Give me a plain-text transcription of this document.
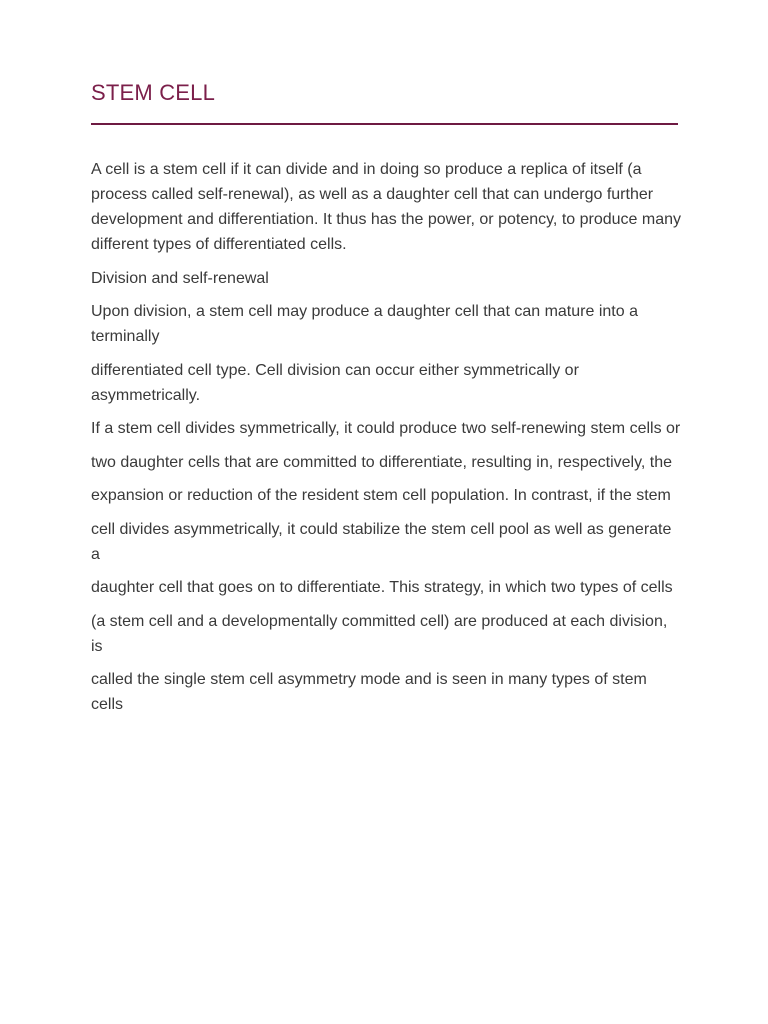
STEM CELL

A cell is a stem cell if it can divide and in doing so produce a replica of itself (a process called self-renewal), as well as a daughter cell that can undergo further development and differentiation. It thus has the power, or potency, to produce many different types of differentiated cells.

Division and self-renewal

Upon division, a stem cell may produce a daughter cell that can mature into a terminally

differentiated cell type. Cell division can occur either symmetrically or asymmetrically.

If a stem cell divides symmetrically, it could produce two self-renewing stem cells or

two daughter cells that are committed to differentiate, resulting in, respectively, the

expansion or reduction of the resident stem cell population. In contrast, if the stem

cell divides asymmetrically, it could stabilize the stem cell pool as well as generate a

daughter cell that goes on to differentiate. This strategy, in which two types of cells

(a stem cell and a developmentally committed cell) are produced at each division, is

called the single stem cell asymmetry mode and is seen in many types of stem cells
